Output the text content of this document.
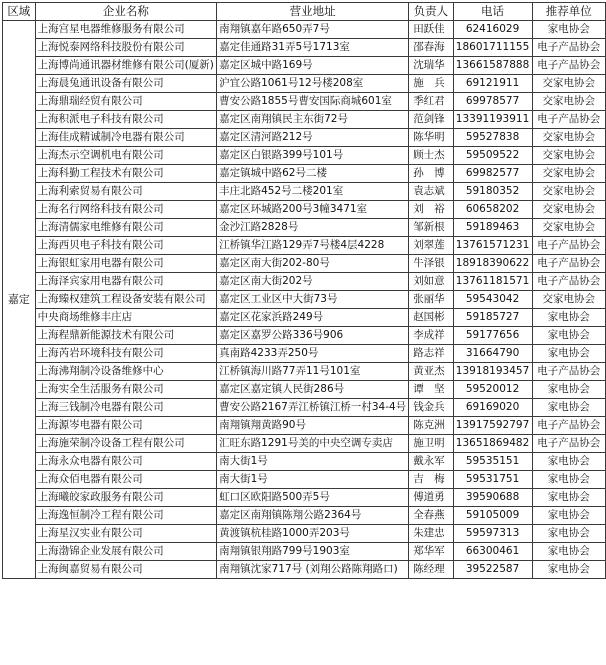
区域	企业名称	营业地址	负责人	电话	推荐单位
嘉定	上海宫星电器维修服务有限公司	南翔镇嘉年路650弄7号	田跃佳	62416029	家电协会
	上海悦泰网络科技股份有限公司	嘉定佳通路31弄5号1713室	邵春海	18601711155	电子产品协会
	上海博尚通讯器材维修有限公司(厦新)	嘉定区城中路169号	沈瑞华	13661587888	电子产品协会
	上海晨兔通讯设备有限公司	沪宜公路1061号12号楼208室	施　兵	69121911	交家电协会
	上海鼎瑞经贸有限公司	曹安公路1855号曹安国际商城601室	季红君	69978577	交家电协会
	上海积派电子科技有限公司	嘉定区南翔镇民主东街72号	范剑锋	13391193911	电子产品协会
	上海佳成精诚制冷电器有限公司	嘉定区清河路212号	陈华明	59527838	交家电协会
	上海杰示空调机电有限公司	嘉定区白银路399号101号	顾士杰	59509522	交家电协会
	上海科勤工程技术有限公司	嘉定镇城中路62号二楼	孙　博	69982577	交家电协会
	上海利索贸易有限公司	丰庄北路452号二楼201室	袁志斌	59180352	交家电协会
	上海名行网络科技有限公司	嘉定区环城路200号3幢3471室	刘　裕	60658202	交家电协会
	上海清儒家电维修有限公司	金沙江路2828号	邹新根	59189463	交家电协会
	上海西贝电子科技有限公司	江桥镇华江路129弄7号楼4层4228	刘翠莲	13761571231	电子产品协会
	上海银虹家用电器有限公司	嘉定区南大街202-80号	牛泽银	18918390622	电子产品协会
	上海泽宾家用电器有限公司	嘉定区南大街202号	刘如意	13761181571	电子产品协会
	上海臻权建筑工程设备安装有限公司	嘉定区工业区中大街73号	张丽华	59543042	交家电协会
	中央商场维修丰庄店	嘉定区花家浜路249号	赵国彬	59185727	家电协会
	上海程鼎新能源技术有限公司	嘉定区嘉罗公路336号906	李成祥	59177656	家电协会
	上海芮岩环境科技有限公司	真南路4233弄250号	路志祥	31664790	家电协会
	上海沸翔制冷设备维修中心	江桥镇海川路77弄11号101室	黄亚杰	13918193457	电子产品协会
	上海实全生活服务有限公司	嘉定区嘉定镇人民街286号	谭　坚	59520012	家电协会
	上海三钱制冷电器有限公司	曹安公路2167弄江桥镇江桥一村34-4号	钱金兵	69169020	家电协会
	上海源岑电器有限公司	南翔镇翔黄路90号	陈克洲	13917592797	电子产品协会
	上海施荣制冷设备工程有限公司	汇旺东路1291号美的中央空调专卖店	施卫明	13651869482	电子产品协会
	上海永众电器有限公司	南大街1号	戴永军	59535151	家电协会
	上海众佰电器有限公司	南大街1号	吉　梅	59531751	家电协会
	上海曦皎家政服务有限公司	虹口区欧阳路500弄5号	傅道勇	39590688	家电协会
	上海逸恒制冷工程有限公司	嘉定区南翔镇陈翔公路2364号	全春燕	59105009	家电协会
	上海星汉实业有限公司	黄渡镇杭桂路1000弄203号	朱建忠	59597313	家电协会
	上海渤锦企业发展有限公司	南翔镇银翔路799号1903室	郑华军	66300461	家电协会
	上海闽嘉贸易有限公司	南翔镇沈家717号 (刘翔公路陈翔路口)	陈经理	39522587	家电协会
